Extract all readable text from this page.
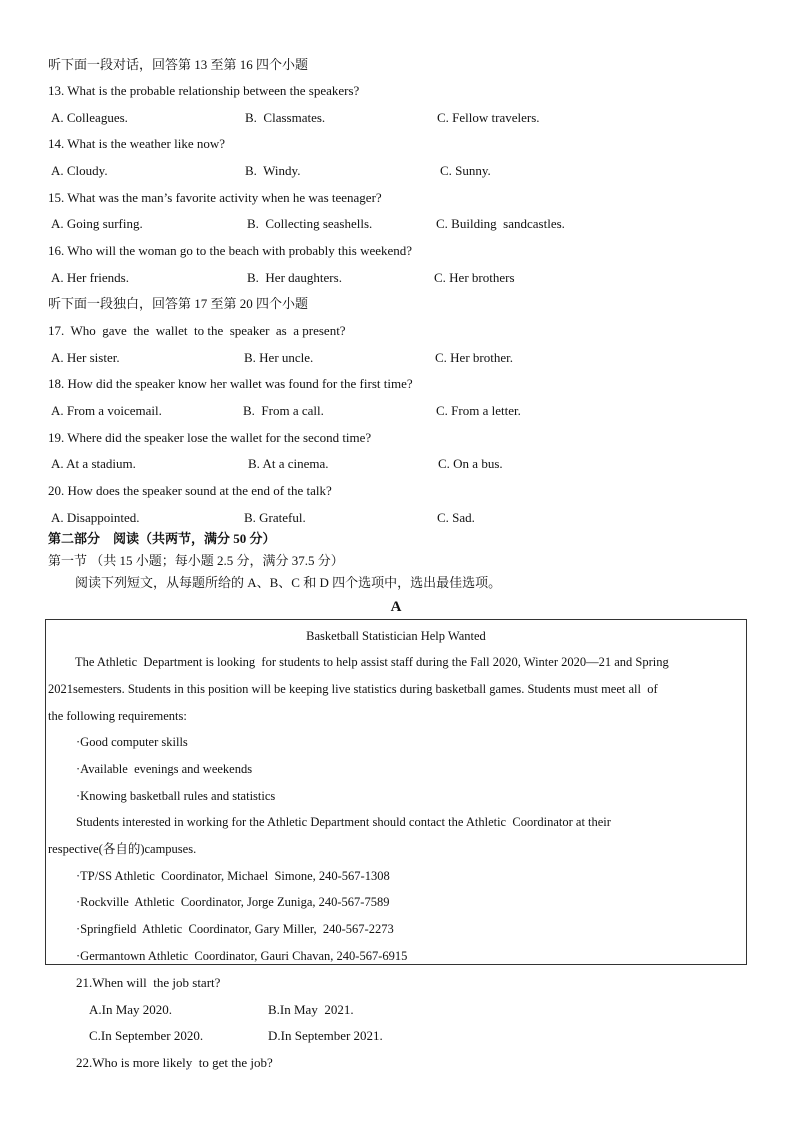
听下面一段对话，回答第 13 至第 16 四个小题
13. What is the probable relationship between the speakers?
A. Colleagues.	B.  Classmates.	C. Fellow travelers.
14. What is the weather like now?
A. Cloudy.	B.  Windy.	C. Sunny.
15. What was the man’s favorite activity when he was teenager?
A. Going surfing.	B.  Collecting seashells.	C. Building  sandcastles.
16. Who will the woman go to the beach with probably this weekend?
A. Her friends.	B.  Her daughters.	C. Her brothers
听下面一段独白，回答第 17 至第 20 四个小题
17.  Who  gave  the  wallet  to the  speaker  as  a present?
A. Her sister.	B. Her uncle.	C. Her brother.
18. How did the speaker know her wallet was found for the first time?
A. From a voicemail.	B.  From a call.	C. From a letter.
19. Where did the speaker lose the wallet for the second time?
A. At a stadium.	B. At a cinema.	C. On a bus.
20. How does the speaker sound at the end of the talk?
A. Disappointed.	B. Grateful.	C. Sad.
第二部分    阅读（共两节，满分 50 分）
第一节 （共 15 小题；每小题 2.5 分，满分 37.5 分）
阅读下列短文，从每题所给的 A、B、C 和 D 四个选项中，选出最佳选项。
A
Basketball Statistician Help Wanted
The Athletic  Department is looking  for students to help assist staff during the Fall 2020, Winter 2020—21 and Spring
2021semesters. Students in this position will be keeping live statistics during basketball games. Students must meet all  of
the following requirements:
·Good computer skills
·Available  evenings and weekends
·Knowing basketball rules and statistics
Students interested in working for the Athletic Department should contact the Athletic  Coordinator at their
respective(各自的)campuses.
·TP/SS Athletic  Coordinator, Michael  Simone, 240-567-1308
·Rockville  Athletic  Coordinator, Jorge Zuniga, 240-567-7589
·Springfield  Athletic  Coordinator, Gary Miller,  240-567-2273
·Germantown Athletic  Coordinator, Gauri Chavan, 240-567-6915
21.When will  the job start?
A.In May 2020.	B.In May  2021.
C.In September 2020.	D.In September 2021.
22.Who is more likely  to get the job?
